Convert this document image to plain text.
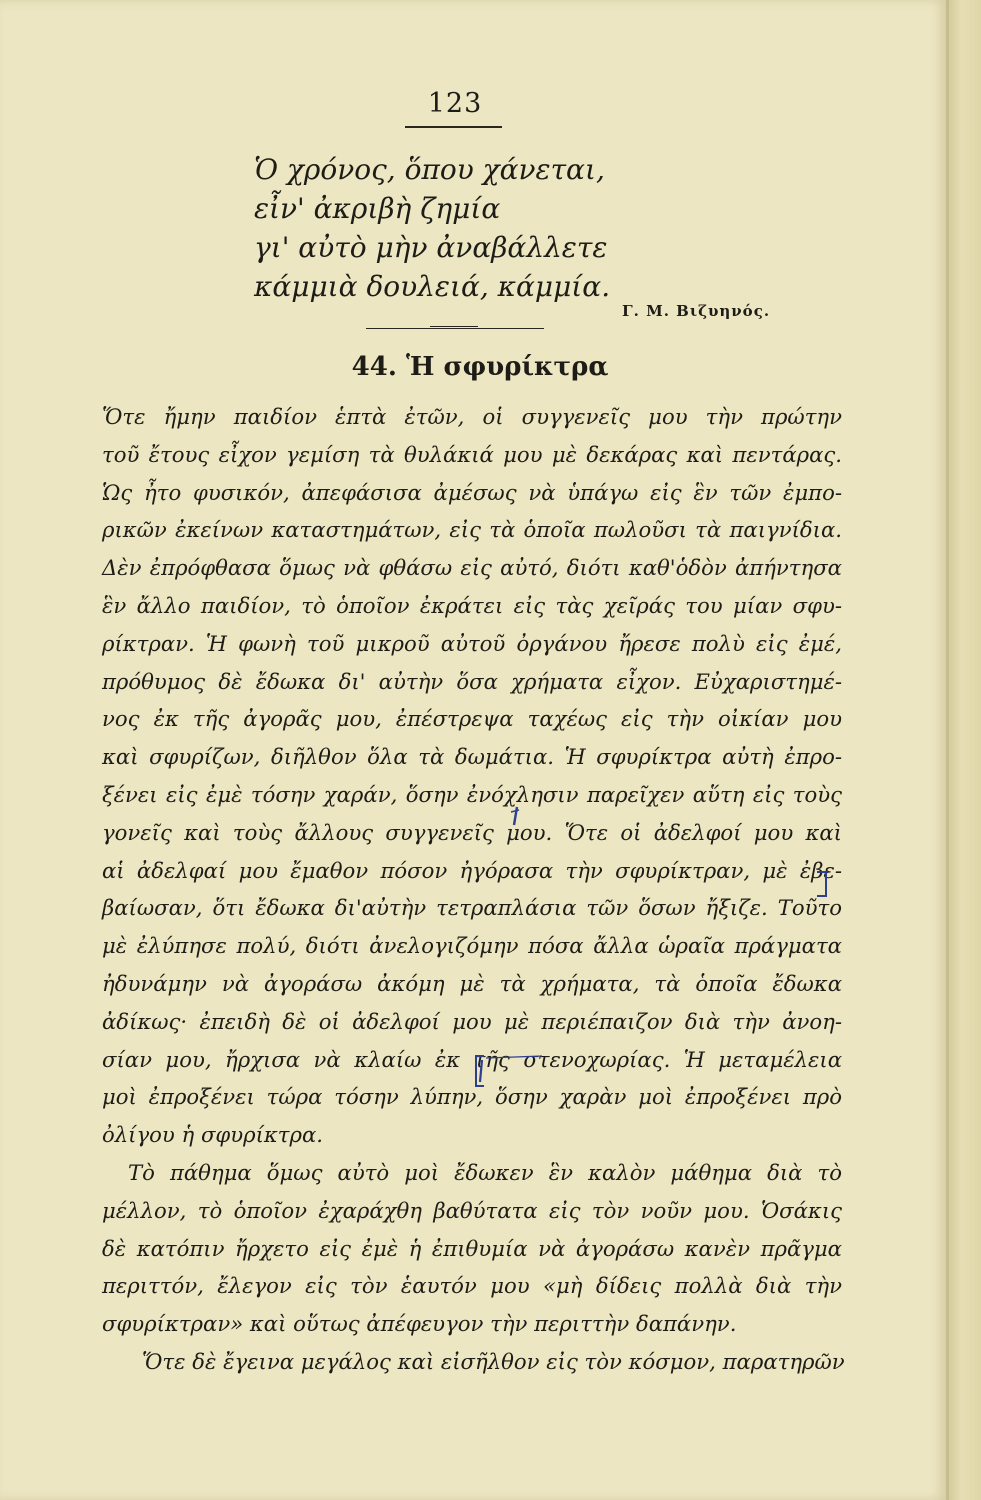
123
Ὁ χρόνος, ὅπου χάνεται,
εἶν' ἀκριβὴ ζημία
γι' αὐτὸ μὴν ἀναβάλλετε
κάμμιὰ δουλειά, κάμμία.
Γ. Μ. Βιζυηνός.
44. Ἡ σφυρίκτρα
Ὅτε ἤμην παιδίον ἑπτὰ ἐτῶν, οἱ συγγενεῖς μου τὴν πρώτην
τοῦ ἔτους εἶχον γεμίση τὰ θυλάκιά μου μὲ δεκάρας καὶ πεντάρας.
Ὡς ἦτο φυσικόν, ἀπεφάσισα ἀμέσως νὰ ὑπάγω εἰς ἓν τῶν ἐμπο-
ρικῶν ἐκείνων καταστημάτων, εἰς τὰ ὁποῖα πωλοῦσι τὰ παιγνίδια.
Δὲν ἐπρόφθασα ὅμως νὰ φθάσω εἰς αὐτό, διότι καθ'ὁδὸν ἀπήντησα
ἓν ἄλλο παιδίον, τὸ ὁποῖον ἐκράτει εἰς τὰς χεῖράς του μίαν σφυ-
ρίκτραν. Ἡ φωνὴ τοῦ μικροῦ αὐτοῦ ὀργάνου ἤρεσε πολὺ εἰς ἐμέ,
πρόθυμος δὲ ἔδωκα δι' αὐτὴν ὅσα χρήματα εἶχον. Εὐχαριστημέ-
νος ἐκ τῆς ἀγορᾶς μου, ἐπέστρεψα ταχέως εἰς τὴν οἰκίαν μου
καὶ σφυρίζων, διῆλθον ὅλα τὰ δωμάτια. Ἡ σφυρίκτρα αὐτὴ ἐπρο-
ξένει εἰς ἐμὲ τόσην χαράν, ὅσην ἐνόχλησιν παρεῖχεν αὕτη εἰς τοὺς
γονεῖς καὶ τοὺς ἄλλους συγγενεῖς μου. Ὅτε οἱ ἀδελφοί μου καὶ
αἱ ἀδελφαί μου ἔμαθον πόσον ἠγόρασα τὴν σφυρίκτραν, μὲ ἐβε-
βαίωσαν, ὅτι ἔδωκα δι'αὐτὴν τετραπλάσια τῶν ὅσων ἤξιζε. Τοῦτο
μὲ ἐλύπησε πολύ, διότι ἀνελογιζόμην πόσα ἄλλα ὡραῖα πράγματα
ἠδυνάμην νὰ ἀγοράσω ἀκόμη μὲ τὰ χρήματα, τὰ ὁποῖα ἔδωκα
ἀδίκως· ἐπειδὴ δὲ οἱ ἀδελφοί μου μὲ περιέπαιζον διὰ τὴν ἀνοη-
σίαν μου, ἤρχισα νὰ κλαίω ἐκ τῆς στενοχωρίας. Ἡ μεταμέλεια
μοὶ ἐπροξένει τώρα τόσην λύπην, ὅσην χαρὰν μοὶ ἐπροξένει πρὸ
ὀλίγου ἡ σφυρίκτρα.
Τὸ πάθημα ὅμως αὐτὸ μοὶ ἔδωκεν ἓν καλὸν μάθημα διὰ τὸ
μέλλον, τὸ ὁποῖον ἐχαράχθη βαθύτατα εἰς τὸν νοῦν μου. Ὁσάκις
δὲ κατόπιν ἤρχετο εἰς ἐμὲ ἡ ἐπιθυμία νὰ ἀγοράσω κανὲν πρᾶγμα
περιττόν, ἔλεγον εἰς τὸν ἑαυτόν μου «μὴ δίδεις πολλὰ διὰ τὴν
σφυρίκτραν» καὶ οὕτως ἀπέφευγον τὴν περιττὴν δαπάνην.
Ὅτε δὲ ἔγεινα μεγάλος καὶ εἰσῆλθον εἰς τὸν κόσμον, παρατηρῶν
